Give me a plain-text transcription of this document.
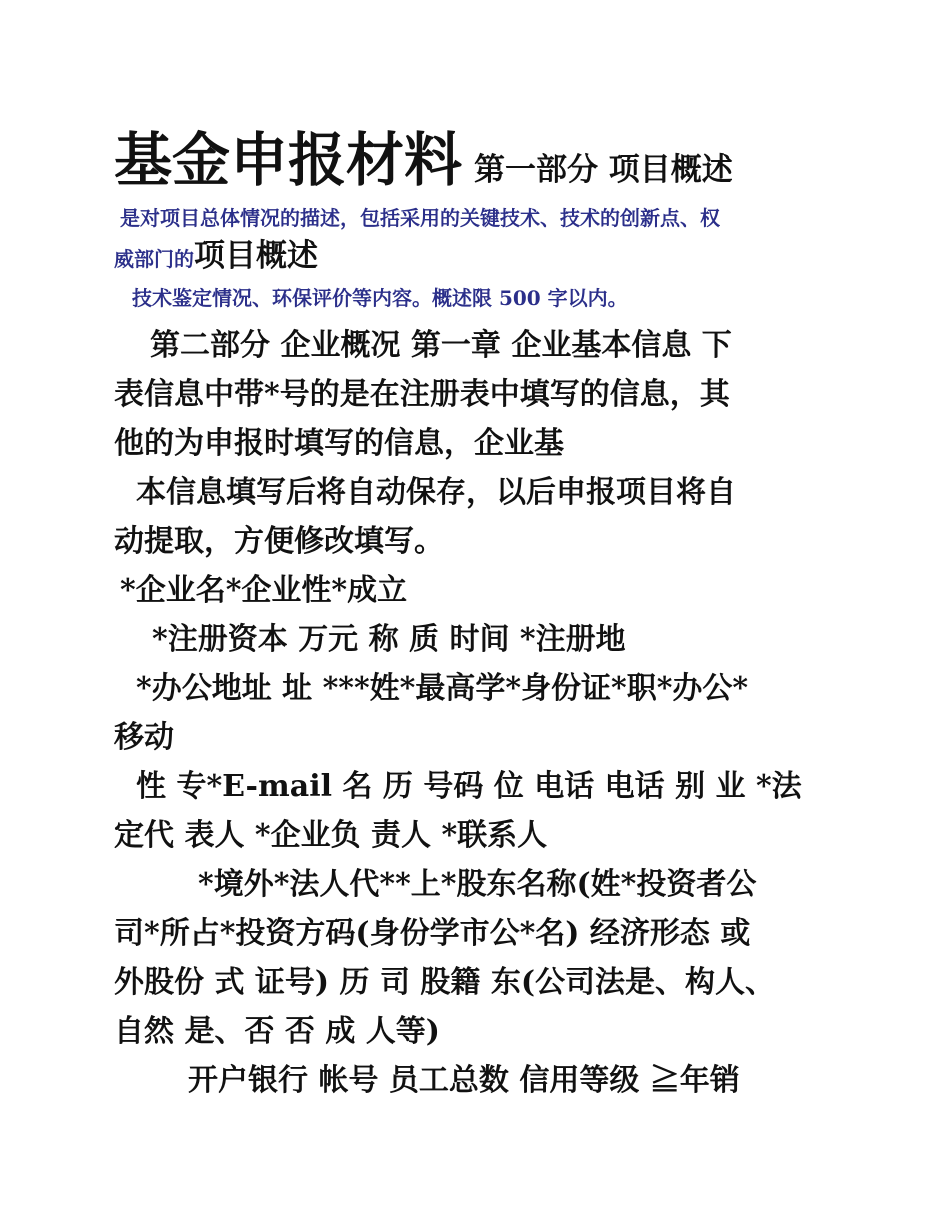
基金申报材料 第一部分 项目概述
是对项目总体情况的描述，包括采用的关键技术、技术的创新点、权
威部门的项目概述
技术鉴定情况、环保评价等内容。概述限 500 字以内。

第二部分 企业概况 第一章 企业基本信息 下

表信息中带*号的是在注册表中填写的信息，其

他的为申报时填写的信息，企业基

本信息填写后将自动保存，以后申报项目将自

动提取，方便修改填写。

*企业名*企业性*成立

*注册资本 万元 称 质 时间 *注册地

*办公地址 址 ***姓*最高学*身份证*职*办公*

移动

性 专*E-mail 名 历 号码 位 电话 电话 别 业 *法

定代 表人 *企业负 责人 *联系人

*境外*法人代**上*股东名称(姓*投资者公

司*所占*投资方码(身份学市公*名) 经济形态 或

外股份 式 证号) 历 司 股籍 东(公司法是、构人、

自然 是、否 否 成 人等)

开户银行 帐号 员工总数 信用等级 ≧年销
